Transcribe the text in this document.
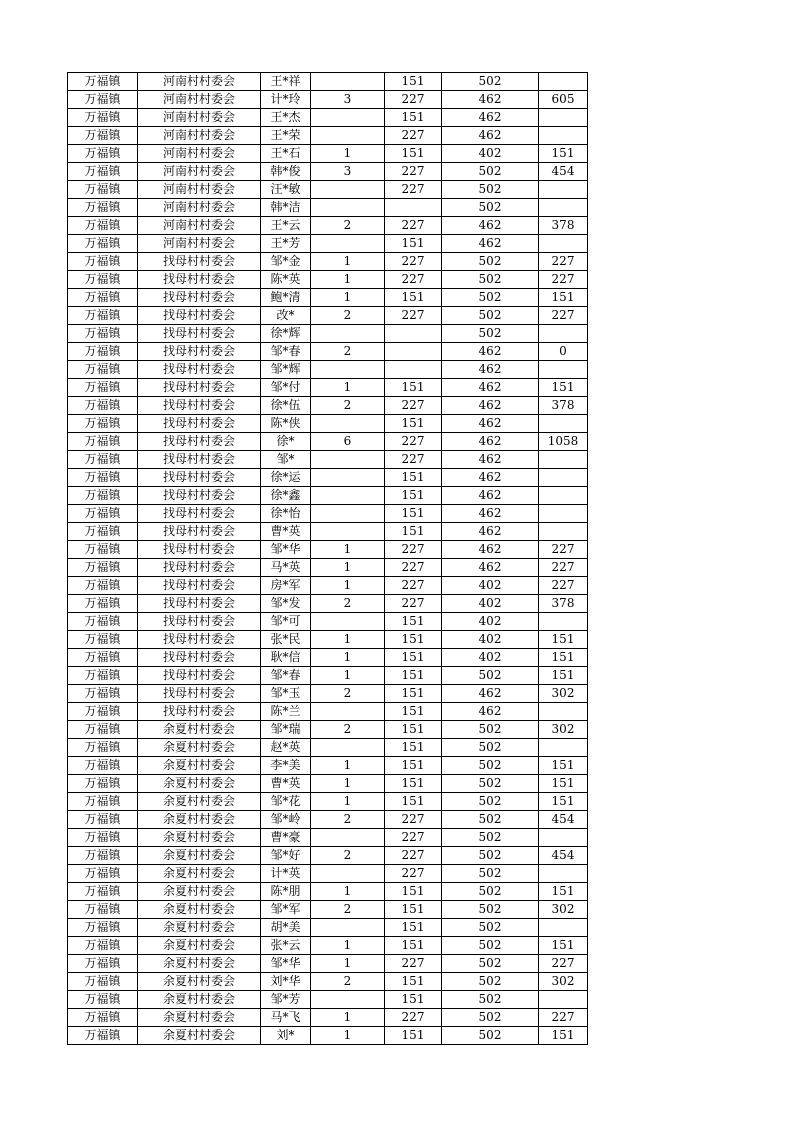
万福镇	河南村村委会	王*祥		151	502	
万福镇	河南村村委会	计*玲	3	227	462	605
万福镇	河南村村委会	王*杰		151	462	
万福镇	河南村村委会	王*荣		227	462	
万福镇	河南村村委会	王*石	1	151	402	151
万福镇	河南村村委会	韩*俊	3	227	502	454
万福镇	河南村村委会	汪*敏		227	502	
万福镇	河南村村委会	韩*洁			502	
万福镇	河南村村委会	王*云	2	227	462	378
万福镇	河南村村委会	王*芳		151	462	
万福镇	找母村村委会	邹*金	1	227	502	227
万福镇	找母村村委会	陈*英	1	227	502	227
万福镇	找母村村委会	鲍*清	1	151	502	151
万福镇	找母村村委会	改*	2	227	502	227
万福镇	找母村村委会	徐*辉			502	
万福镇	找母村村委会	邹*春	2		462	0
万福镇	找母村村委会	邹*辉			462	
万福镇	找母村村委会	邹*付	1	151	462	151
万福镇	找母村村委会	徐*伍	2	227	462	378
万福镇	找母村村委会	陈*侠		151	462	
万福镇	找母村村委会	徐*	6	227	462	1058
万福镇	找母村村委会	邹*		227	462	
万福镇	找母村村委会	徐*运		151	462	
万福镇	找母村村委会	徐*鑫		151	462	
万福镇	找母村村委会	徐*怡		151	462	
万福镇	找母村村委会	曹*英		151	462	
万福镇	找母村村委会	邹*华	1	227	462	227
万福镇	找母村村委会	马*英	1	227	462	227
万福镇	找母村村委会	房*军	1	227	402	227
万福镇	找母村村委会	邹*发	2	227	402	378
万福镇	找母村村委会	邹*可		151	402	
万福镇	找母村村委会	张*民	1	151	402	151
万福镇	找母村村委会	耿*信	1	151	402	151
万福镇	找母村村委会	邹*春	1	151	502	151
万福镇	找母村村委会	邹*玉	2	151	462	302
万福镇	找母村村委会	陈*兰		151	462	
万福镇	余夏村村委会	邹*瑞	2	151	502	302
万福镇	余夏村村委会	赵*英		151	502	
万福镇	余夏村村委会	李*美	1	151	502	151
万福镇	余夏村村委会	曹*英	1	151	502	151
万福镇	余夏村村委会	邹*花	1	151	502	151
万福镇	余夏村村委会	邹*岭	2	227	502	454
万福镇	余夏村村委会	曹*豪		227	502	
万福镇	余夏村村委会	邹*好	2	227	502	454
万福镇	余夏村村委会	计*英		227	502	
万福镇	余夏村村委会	陈*朋	1	151	502	151
万福镇	余夏村村委会	邹*军	2	151	502	302
万福镇	余夏村村委会	胡*美		151	502	
万福镇	余夏村村委会	张*云	1	151	502	151
万福镇	余夏村村委会	邹*华	1	227	502	227
万福镇	余夏村村委会	刘*华	2	151	502	302
万福镇	余夏村村委会	邹*芳		151	502	
万福镇	余夏村村委会	马*飞	1	227	502	227
万福镇	余夏村村委会	刘*	1	151	502	151
